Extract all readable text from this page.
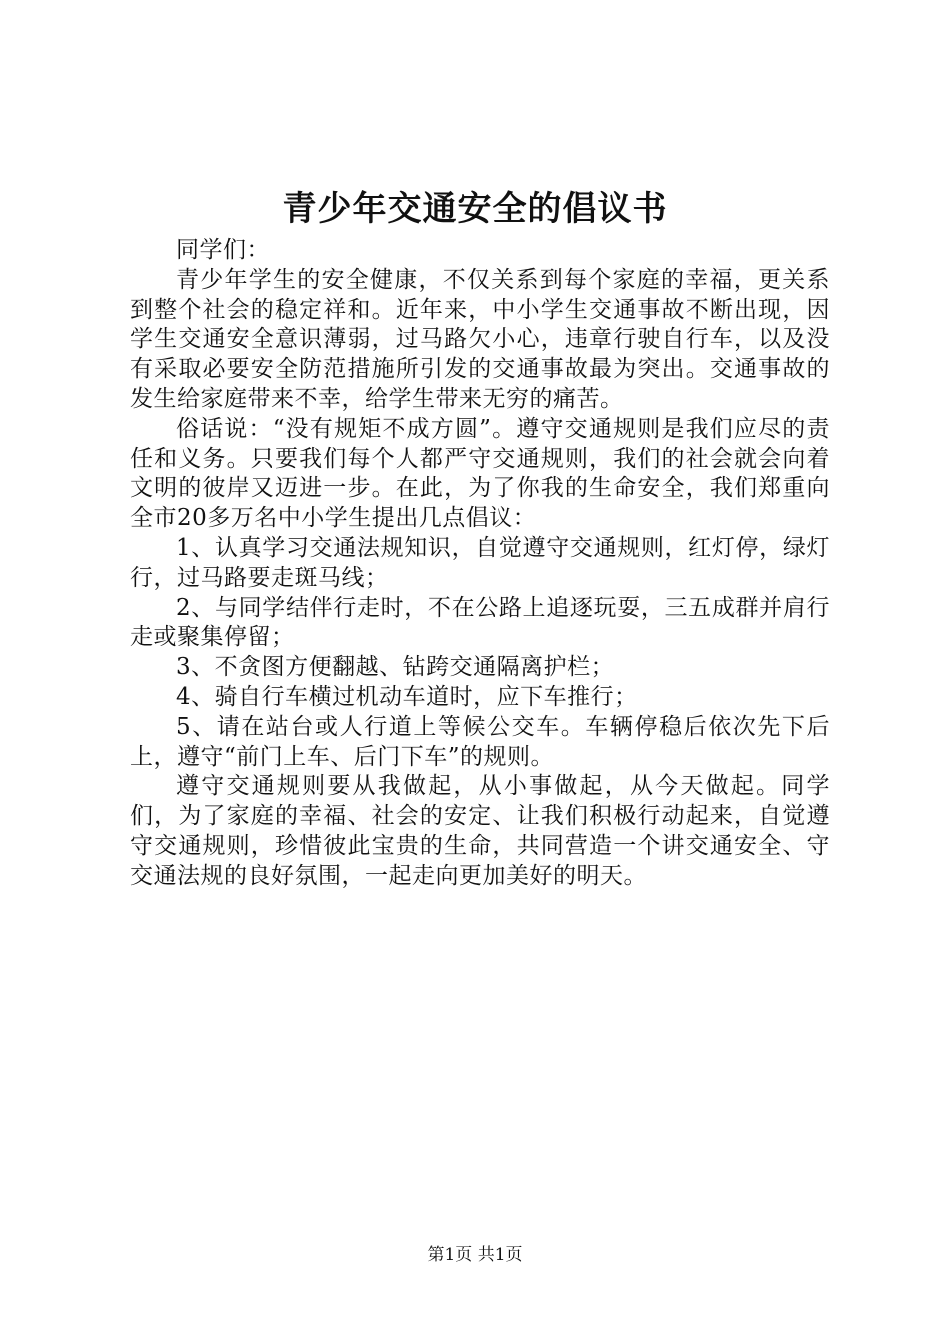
青少年交通安全的倡议书

同学们：

青少年学生的安全健康，不仅关系到每个家庭的幸福，更关系到整个社会的稳定祥和。近年来，中小学生交通事故不断出现，因学生交通安全意识薄弱，过马路欠小心，违章行驶自行车，以及没有采取必要安全防范措施所引发的交通事故最为突出。交通事故的发生给家庭带来不幸，给学生带来无穷的痛苦。

俗话说：“没有规矩不成方圆”。遵守交通规则是我们应尽的责任和义务。只要我们每个人都严守交通规则，我们的社会就会向着文明的彼岸又迈进一步。在此，为了你我的生命安全，我们郑重向全市20多万名中小学生提出几点倡议：

1、认真学习交通法规知识，自觉遵守交通规则，红灯停，绿灯行，过马路要走斑马线；

2、与同学结伴行走时，不在公路上追逐玩耍，三五成群并肩行走或聚集停留；

3、不贪图方便翻越、钻跨交通隔离护栏；

4、骑自行车横过机动车道时，应下车推行；

5、请在站台或人行道上等候公交车。车辆停稳后依次先下后上，遵守“前门上车、后门下车”的规则。

遵守交通规则要从我做起，从小事做起，从今天做起。同学们，为了家庭的幸福、社会的安定、让我们积极行动起来，自觉遵守交通规则，珍惜彼此宝贵的生命，共同营造一个讲交通安全、守交通法规的良好氛围，一起走向更加美好的明天。

第1页 共1页
